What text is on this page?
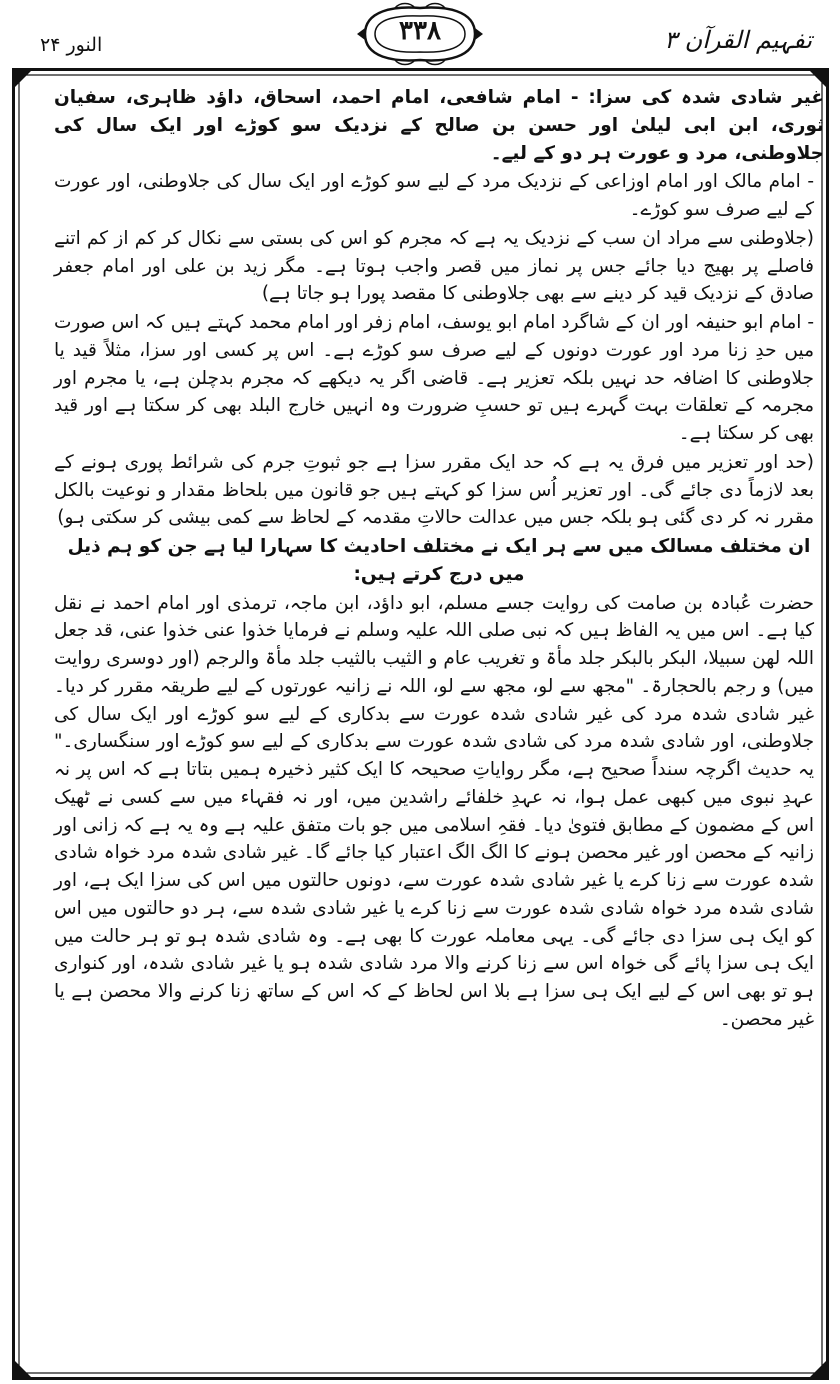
تفہیم القرآن ۳
۳۳۸
النور ۲۴

غیر شادی شدہ کی سزا: - امام شافعی، امام احمد، اسحاق، داؤد ظاہری، سفیان ثوری، ابن ابی لیلیٰ اور حسن بن صالح کے نزدیک سو کوڑے اور ایک سال کی جلاوطنی، مرد و عورت ہر دو کے لیے۔

- امام مالک اور امام اوزاعی کے نزدیک مرد کے لیے سو کوڑے اور ایک سال کی جلاوطنی، اور عورت کے لیے صرف سو کوڑے۔

(جلاوطنی سے مراد ان سب کے نزدیک یہ ہے کہ مجرم کو اس کی بستی سے نکال کر کم از کم اتنے فاصلے پر بھیج دیا جائے جس پر نماز میں قصر واجب ہوتا ہے۔ مگر زید بن علی اور امام جعفر صادق کے نزدیک قید کر دینے سے بھی جلاوطنی کا مقصد پورا ہو جاتا ہے)

- امام ابو حنیفہ اور ان کے شاگرد امام ابو یوسف، امام زفر اور امام محمد کہتے ہیں کہ اس صورت میں حدِ زنا مرد اور عورت دونوں کے لیے صرف سو کوڑے ہے۔ اس پر کسی اور سزا، مثلاً قید یا جلاوطنی کا اضافہ حد نہیں بلکہ تعزیر ہے۔ قاضی اگر یہ دیکھے کہ مجرم بدچلن ہے، یا مجرم اور مجرمہ کے تعلقات بہت گہرے ہیں تو حسبِ ضرورت وہ انہیں خارج البلد بھی کر سکتا ہے اور قید بھی کر سکتا ہے۔

(حد اور تعزیر میں فرق یہ ہے کہ حد ایک مقرر سزا ہے جو ثبوتِ جرم کی شرائط پوری ہونے کے بعد لازماً دی جائے گی۔ اور تعزیر اُس سزا کو کہتے ہیں جو قانون میں بلحاظ مقدار و نوعیت بالکل مقرر نہ کر دی گئی ہو بلکہ جس میں عدالت حالاتِ مقدمہ کے لحاظ سے کمی بیشی کر سکتی ہو)

ان مختلف مسالک میں سے ہر ایک نے مختلف احادیث کا سہارا لیا ہے جن کو ہم ذیل میں درج کرتے ہیں:

حضرت عُبادہ بن صامت کی روایت جسے مسلم، ابو داؤد، ابن ماجہ، ترمذی اور امام احمد نے نقل کیا ہے۔ اس میں یہ الفاظ ہیں کہ نبی صلی اللہ علیہ وسلم نے فرمایا خذوا عنی خذوا عنی، قد جعل اللہ لھن سبیلا، البکر بالبکر جلد مأۃ و تغریب عام و الثیب بالثیب جلد مأۃ والرجم (اور دوسری روایت میں) و رجم بالحجارۃ۔ "مجھ سے لو، مجھ سے لو، اللہ نے زانیہ عورتوں کے لیے طریقہ مقرر کر دیا۔ غیر شادی شدہ مرد کی غیر شادی شدہ عورت سے بدکاری کے لیے سو کوڑے اور ایک سال کی جلاوطنی، اور شادی شدہ مرد کی شادی شدہ عورت سے بدکاری کے لیے سو کوڑے اور سنگساری۔" یہ حدیث اگرچہ سنداً صحیح ہے، مگر روایاتِ صحیحہ کا ایک کثیر ذخیرہ ہمیں بتاتا ہے کہ اس پر نہ عہدِ نبوی میں کبھی عمل ہوا، نہ عہدِ خلفائے راشدین میں، اور نہ فقہاء میں سے کسی نے ٹھیک اس کے مضمون کے مطابق فتویٰ دیا۔ فقہِ اسلامی میں جو بات متفق علیہ ہے وہ یہ ہے کہ زانی اور زانیہ کے محصن اور غیر محصن ہونے کا الگ الگ اعتبار کیا جائے گا۔ غیر شادی شدہ مرد خواہ شادی شدہ عورت سے زنا کرے یا غیر شادی شدہ عورت سے، دونوں حالتوں میں اس کی سزا ایک ہے، اور شادی شدہ مرد خواہ شادی شدہ عورت سے زنا کرے یا غیر شادی شدہ سے، ہر دو حالتوں میں اس کو ایک ہی سزا دی جائے گی۔ یہی معاملہ عورت کا بھی ہے۔ وہ شادی شدہ ہو تو ہر حالت میں ایک ہی سزا پائے گی خواہ اس سے زنا کرنے والا مرد شادی شدہ ہو یا غیر شادی شدہ، اور کنواری ہو تو بھی اس کے لیے ایک ہی سزا ہے بلا اس لحاظ کے کہ اس کے ساتھ زنا کرنے والا محصن ہے یا غیر محصن۔
